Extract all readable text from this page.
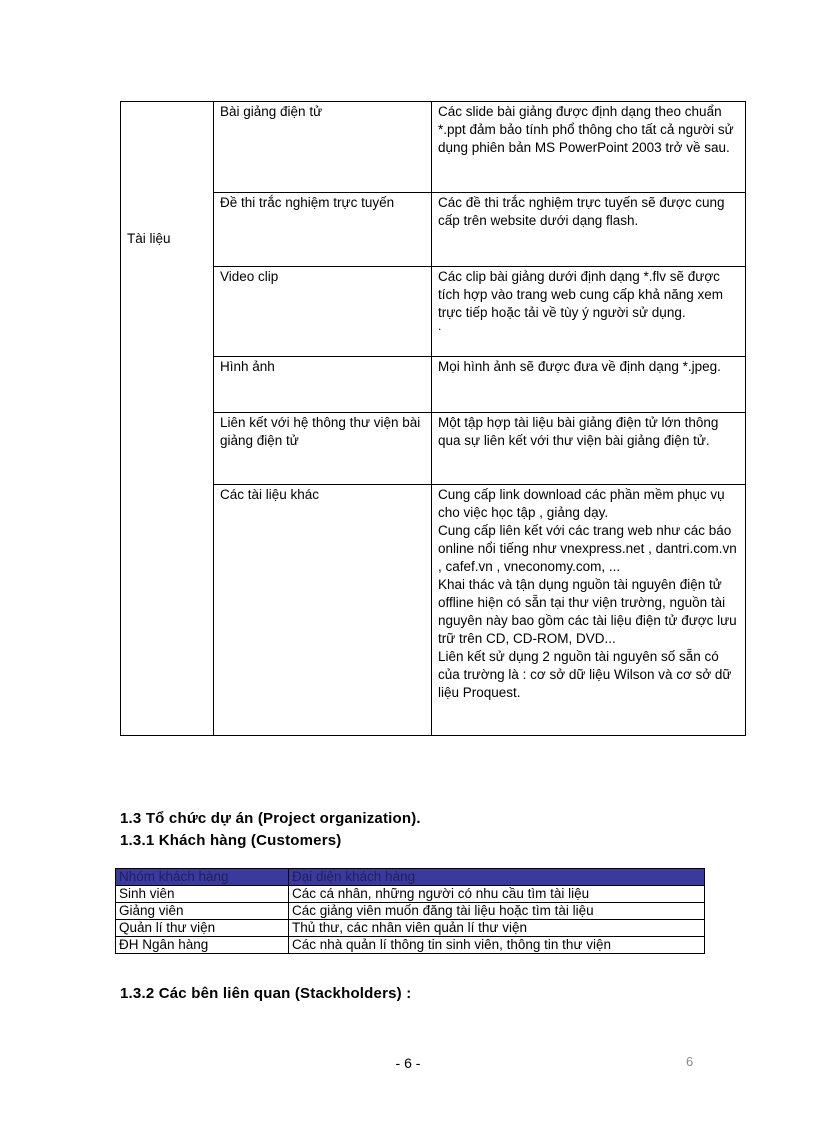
Tài liệu	Bài giảng điện tử	Các slide bài giảng được định dạng theo chuẩn *.ppt đảm bảo tính phổ thông cho tất cả người sử dụng phiên bản MS PowerPoint 2003 trở về sau.

	Đề thi trắc nghiệm trực tuyến	Các đề thi trắc nghiệm trực tuyến sẽ được cung cấp trên website dưới dạng flash.

	Video clip	Các clip bài giảng dưới định dạng *.flv sẽ được tích hợp vào trang web cung cấp khả năng xem trực tiếp hoặc tải về tùy ý người sử dụng.

.

	Hình ảnh	Mọi hình ảnh sẽ được đưa về định dạng *.jpeg.

	Liên kết với hệ thông thư viện bài giảng điện tử	Một tập hợp tài liệu bài giảng điện tử lớn thông qua sự liên kết với thư viện bài giảng điện tử.

	Các tài liệu khác	Cung cấp link download các phần mềm phục vụ cho việc học tập , giảng dạy.

Cung cấp liên kết với các trang web như các báo online nổi tiếng như vnexpress.net , dantri.com.vn , cafef.vn , vneconomy.com, ...

Khai thác và tận dụng nguồn tài nguyên điện tử offline hiện có sẵn tại thư viện trường, nguồn tài nguyên này bao gồm các tài liệu điện tử được lưu trữ trên CD, CD-ROM, DVD...

Liên kết sử dụng 2 nguồn tài nguyên số sẵn có của trường là : cơ sở dữ liệu Wilson và cơ sở dữ liệu Proquest.

1.3 Tổ chức dự án (Project organization).
1.3.1 Khách hàng (Customers)
Nhóm khách hàng	Đại diện khách hàng
Sinh viên	Các cá nhân, những người có nhu cầu tìm tài liệu
Giảng viên	Các giảng viên muốn đăng tài liệu hoặc tìm tài liệu
Quản lí thư viện	Thủ thư, các nhân viên quản lí thư viện
ĐH Ngân hàng	Các nhà quản lí thông tin sinh viên, thông tin thư viện
1.3.2 Các bên liên quan (Stackholders) :
- 6 -	6
